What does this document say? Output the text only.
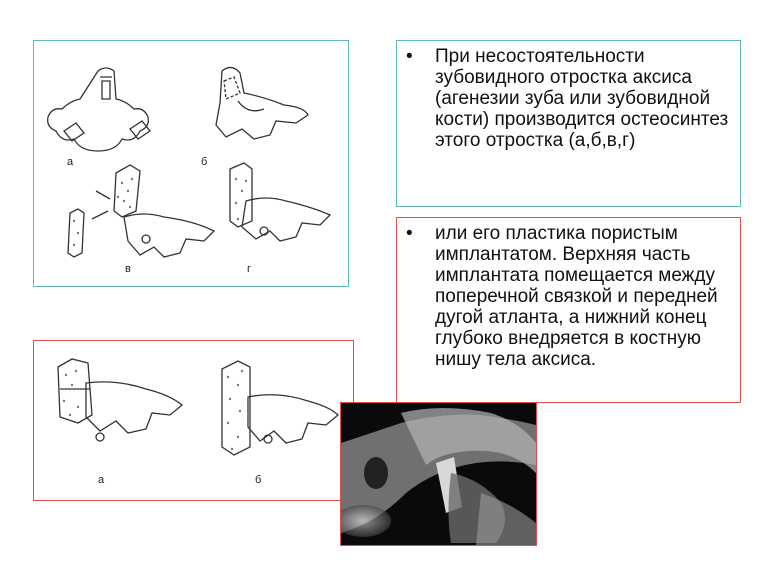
а	б
в	г
•	При несостоятельности зубовидного отростка аксиса (агенезии зуба или зубовидной кости) производится остеосинтез этого отростка (а,б,в,г)
•	или его пластика пористым имплантатом. Верхняя часть имплантата помещается между поперечной связкой и передней дугой атланта, а нижний конец глубоко внедряется в костную нишу тела аксиса.
а	б
